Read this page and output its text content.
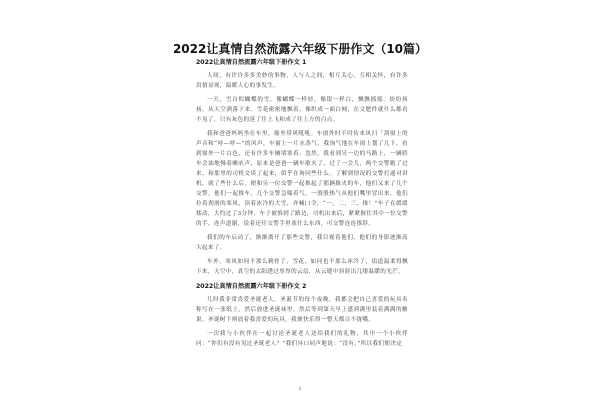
2022让真情自然流露六年级下册作文（10篇）
2022让真情自然流露六年级下册作文 1

人间，有许许多多美妙的事物，人与人之间，相互关心，互相关怀，有许多真情显现，温暖人心的事发生。

一天，雪白似蝴蝶的雪，像蝴蝶一样轻，像银一样白，飘飘摇摇，纷纷扬扬，从天空洒落下来。雪花密密地飘着，像织成一面白网，在文肥件就什么都看不见了，只有灰色的延了往上飞和成了往上方的白点。

我和爸爸妈妈坐在车里，缩坐带风吼吼。车窗外时不时传来风扫「刮窗上的声音和“呼—呼—”的风声，车窗上一片水蒸气，我询气地在车窗上划了几下，看到窗外一片白色，还有许多车辆堵塞着。忽然，我看到另一边的马路上，一辆轿车会油地慢着嗽叭声，原来是爸爸一辆车歇火了，过了一会儿，两个交警跑了过来，和那里的司机交谈了起来，似乎在询问些什么。了解到情况的交警打通对讲机，就了些什么后，便和另一位交警一起推起了那辆歇火的车，他们又来了几个交警，他们一起推车，几个交警急喘着气，一股股热气从他们嘴里冒出来，他们拉着刹滑的寒风，顶着冰冷的大雪，齐喊口令，“一，二，三，推！”车子在缓缓移动，大约过了3分钟，车子被推到了路边，司机出来后，紧紧握住其中一位交警的手，连声道谢，说着还往交警手里塞什么东西，可交警连连推辞。

我们的车启动了，渐渐离开了那些交警，我目视着他们，他们的身影逐渐高大起来了。

车外，寒风如同不那么刺骨了，雪花，如同也不那么冰冷了，街道温柔得飘下来，天空中，真空的太阳透过厚厚的云层，从云缝中斜射出几缕温暖的光芒。

2022让真情自然流露六年级下册作文 2

儿时我非常喜爱圣诞老人，圣诞节的每个夜晚，我都会把自己喜爱的玩具名称写在一张纸上，然后放进圣诞袜里，然后等到第天早上盛到满里装着满满的糖果，圣诞树下则放着我喜爱的玩具，我便快乐得一整天都合不拢嘴。

一次我与小伙伴在一起讨论圣诞老人送给我们的礼物，其中一个小伙伴问：“你们有没有见过圣诞老人？”我们异口同声地说：“没有。”所以我们便决定

1
